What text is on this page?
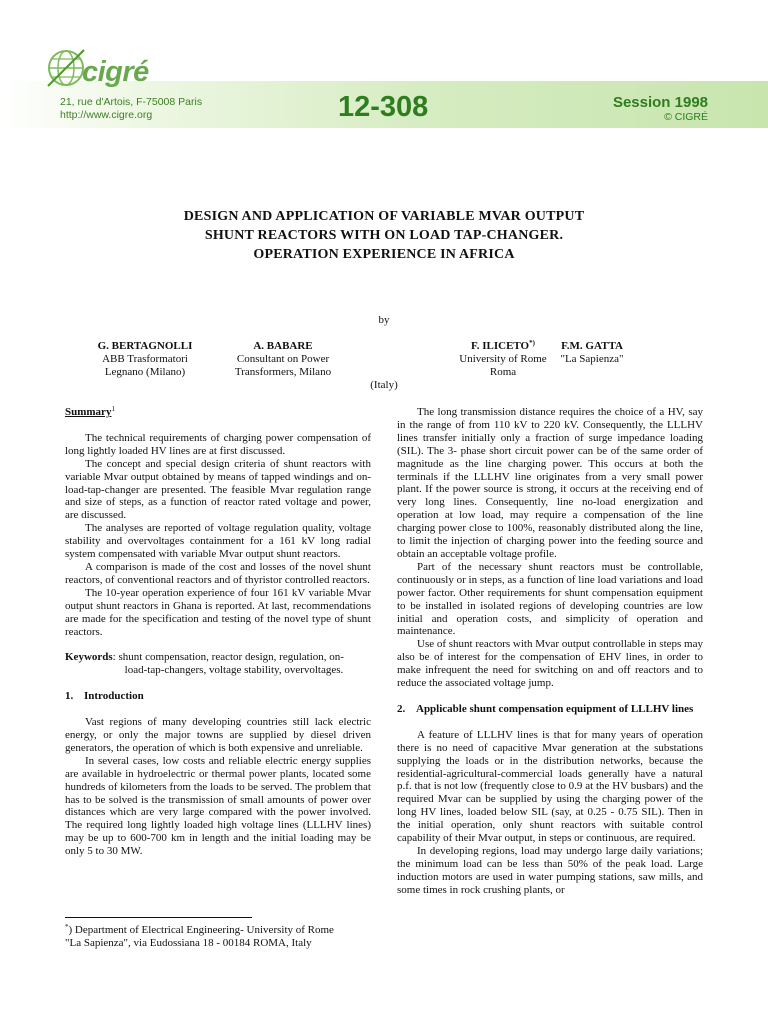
cigré
21, rue d'Artois, F-75008 Paris
http://www.cigre.org	12-308	Session 1998
© CIGRÉ
DESIGN AND APPLICATION OF VARIABLE MVAR OUTPUT
SHUNT REACTORS WITH ON LOAD TAP-CHANGER.
OPERATION EXPERIENCE IN AFRICA
by
G. BERTAGNOLLI
ABB Trasformatori
Legnano (Milano)
A. BABARE
Consultant on Power
Transformers, Milano
F. ILICETO*)
University of Rome
Roma
F.M. GATTA
"La Sapienza"
(Italy)
Summary$^1$

The technical requirements of charging power compensation of long lightly loaded HV lines are at first discussed.

The concept and special design criteria of shunt reactors with variable Mvar output obtained by means of tapped windings and on-load-tap-changer are presented. The feasible Mvar regulation range and size of steps, as a function of reactor rated voltage and power, are discussed.

The analyses are reported of voltage regulation quality, voltage stability and overvoltages containment for a 161 kV long radial system compensated with variable Mvar output shunt reactors.

A comparison is made of the cost and losses of the novel shunt reactors, of conventional reactors and of thyristor controlled reactors.

The 10-year operation experience of four 161 kV variable Mvar output shunt reactors in Ghana is reported. At last, recommendations are made for the specification and testing of the novel type of shunt reactors.

Keywords : shunt compensation, reactor design, regulation, on-
load-tap-changers, voltage stability, overvoltages.
1. Introduction

Vast regions of many developing countries still lack electric energy, or only the major towns are supplied by diesel driven generators, the operation of which is both expensive and unreliable.

In several cases, low costs and reliable electric energy supplies are available in hydroelectric or thermal power plants, located some hundreds of kilometers from the loads to be served. The problem that has to be solved is the transmission of small amounts of power over distances which are very large compared with the power involved. The required long lightly loaded high voltage lines (LLLHV lines) may be up to 600-700 km in length and the initial loading may be only 5 to 30 MW.

*) Department of Electrical Engineering- University of Rome
"La Sapienza", via Eudossiana 18 - 00184 ROMA, Italy

The long transmission distance requires the choice of a HV, say in the range of from 110 kV to 220 kV. Consequently, the LLLHV lines transfer initially only a fraction of surge impedance loading (SIL). The 3- phase short circuit power can be of the same order of magnitude as the line charging power. This occurs at both the terminals if the LLLHV line originates from a very small power plant. If the power source is strong, it occurs at the receiving end of very long lines. Consequently, line no-load energization and operation at low load, may require a compensation of the line charging power close to 100%, reasonably distributed along the line, to limit the injection of charging power into the feeding source and obtain an acceptable voltage profile.

Part of the necessary shunt reactors must be controllable, continuously or in steps, as a function of line load variations and load power factor. Other requirements for shunt compensation equipment to be installed in isolated regions of developing countries are low initial and operation costs, and simplicity of operation and maintenance.

Use of shunt reactors with Mvar output controllable in steps may also be of interest for the compensation of EHV lines, in order to make infrequent the need for switching on and off reactors and to reduce the associated voltage jump.

2. Applicable shunt compensation equipment of LLLHV lines

A feature of LLLHV lines is that for many years of operation there is no need of capacitive Mvar generation at the substations supplying the loads or in the distribution networks, because the residential-agricultural-commercial loads generally have a natural p.f. that is not low (frequently close to 0.9 at the HV busbars) and the required Mvar can be supplied by using the charging power of the long HV lines, loaded below SIL (say, at 0.25 - 0.75 SIL). Then in the initial operation, only shunt reactors with suitable control capability of their Mvar output, in steps or continuous, are required.

In developing regions, load may undergo large daily variations; the minimum load can be less than 50% of the peak load. Large induction motors are used in water pumping stations, saw mills, and some times in rock crushing plants, or
